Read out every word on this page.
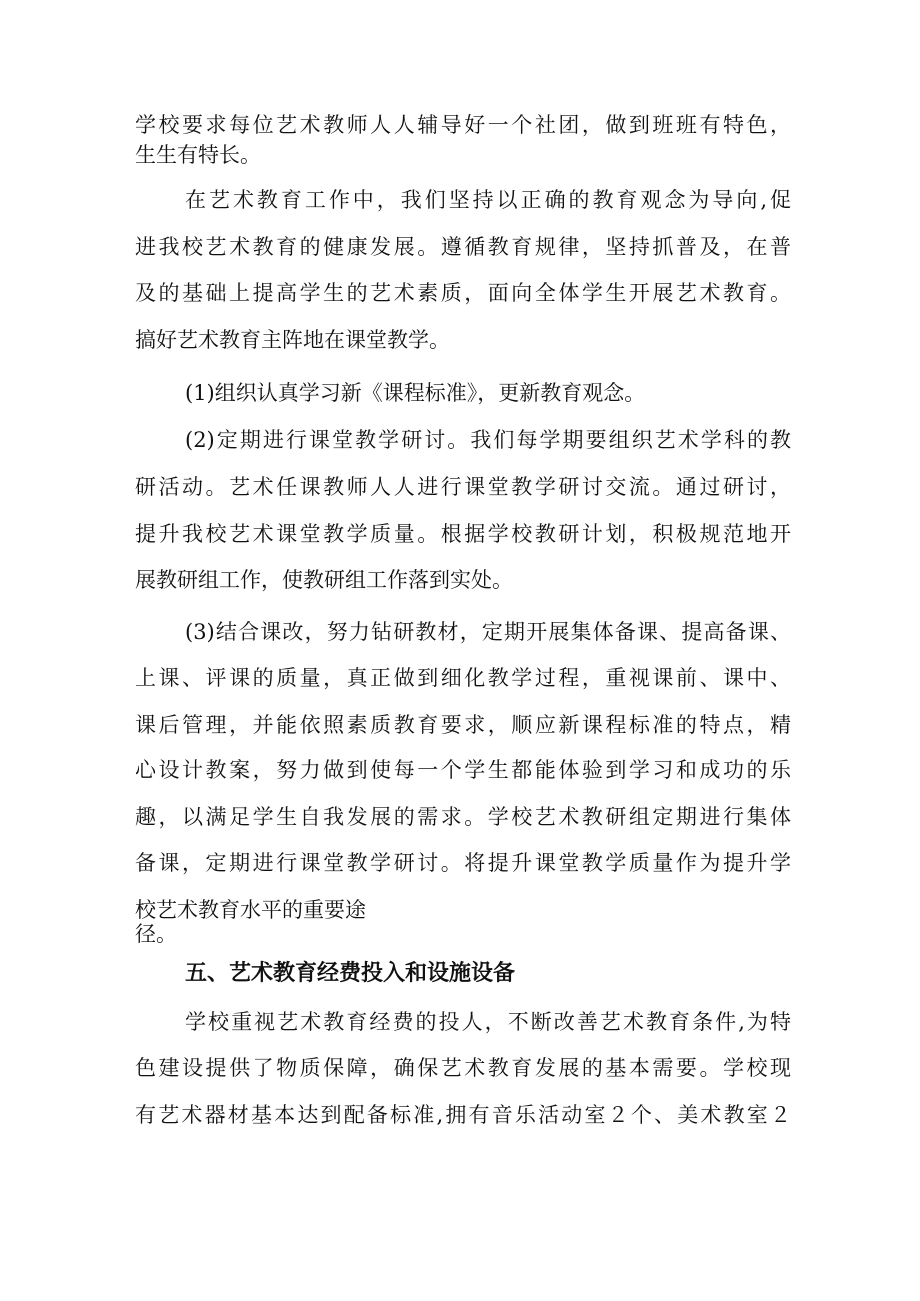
学校要求每位艺术教师人人辅导好一个社团，做到班班有特色，
生生有特长。
在艺术教育工作中，我们坚持以正确的教育观念为导向,促
进我校艺术教育的健康发展。遵循教育规律，坚持抓普及，在普
及的基础上提高学生的艺术素质，面向全体学生开展艺术教育。
搞好艺术教育主阵地在课堂教学。
(1)组织认真学习新《课程标准》，更新教育观念。
(2)定期进行课堂教学研讨。我们每学期要组织艺术学科的教
研活动。艺术任课教师人人进行课堂教学研讨交流。通过研讨，
提升我校艺术课堂教学质量。根据学校教研计划，积极规范地开
展教研组工作，使教研组工作落到实处。
(3)结合课改，努力钻研教材，定期开展集体备课、提高备课、
上课、评课的质量，真正做到细化教学过程，重视课前、课中、
课后管理，并能依照素质教育要求，顺应新课程标准的特点，精
心设计教案，努力做到使每一个学生都能体验到学习和成功的乐
趣，以满足学生自我发展的需求。学校艺术教研组定期进行集体
备课，定期进行课堂教学研讨。将提升课堂教学质量作为提升学
校艺术教育水平的重要途
径。
五、艺术教育经费投入和设施设备
学校重视艺术教育经费的投人，不断改善艺术教育条件,为特
色建设提供了物质保障，确保艺术教育发展的基本需要。学校现
有艺术器材基本达到配备标准,拥有音乐活动室２个、美术教室２
